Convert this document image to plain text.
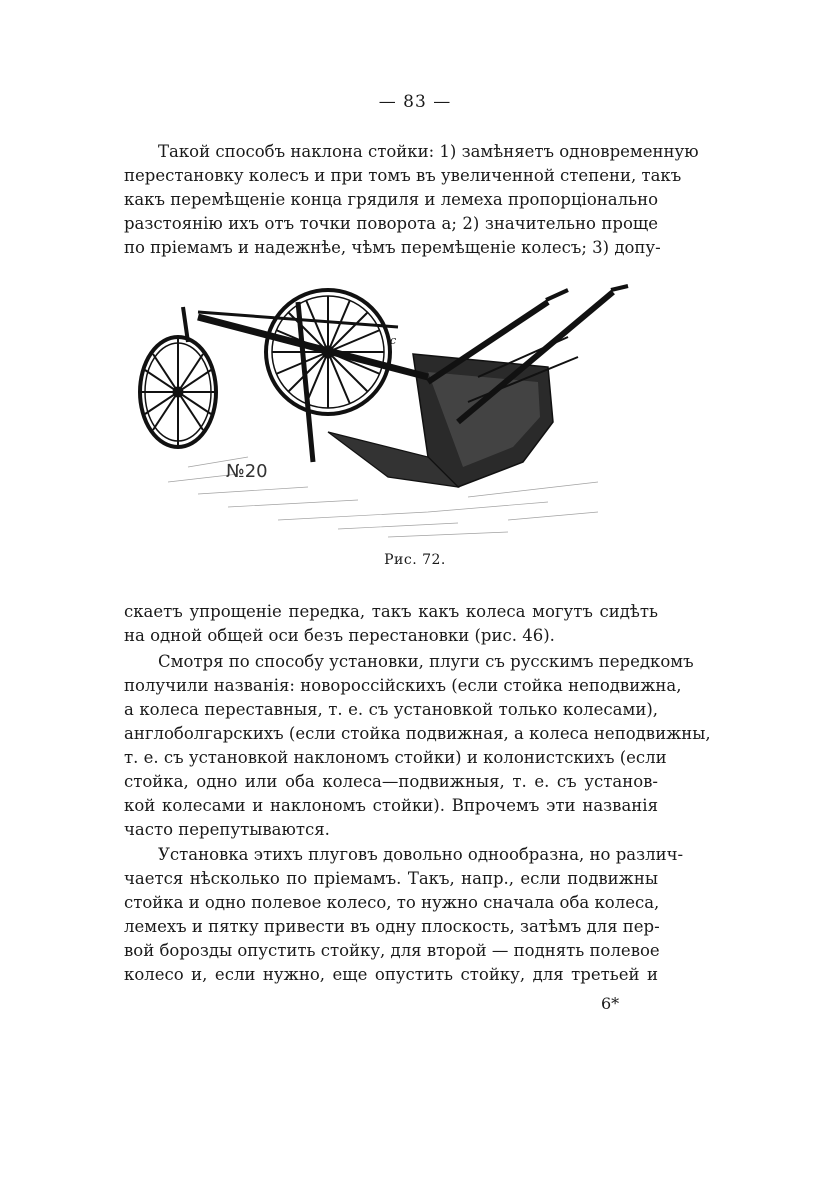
— 83 —
Такой способъ наклона стойки: 1) замѣняетъ одновременную
перестановку колесъ и при томъ въ увеличенной степени, такъ
какъ перемѣщеніе конца грядиля и лемеха пропорціонально
разстоянію ихъ отъ точки поворота a; 2) значительно проще
по пріемамъ и надежнѣе, чѣмъ перемѣщеніе колесъ; 3) допу-
№20
c
Рис. 72.
скаетъ упрощеніе передка, такъ какъ колеса могутъ сидѣть
на одной общей оси безъ перестановки (рис. 46).
Смотря по способу установки, плуги съ русскимъ передкомъ
получили названія: новороссійскихъ (если стойка неподвижна,
а колеса переставныя, т. е. съ установкой только колесами),
англоболгарскихъ (если стойка подвижная, а колеса неподвижны,
т. е. съ установкой наклономъ стойки) и колонистскихъ (если
стойка, одно или оба колеса—подвижныя, т. е. съ установ-
кой колесами и наклономъ стойки). Впрочемъ эти названія
часто перепутываются.
Установка этихъ плуговъ довольно однообразна, но различ-
чается нѣсколько по пріемамъ. Такъ, напр., если подвижны
стойка и одно полевое колесо, то нужно сначала оба колеса,
лемехъ и пятку привести въ одну плоскость, затѣмъ для пер-
вой борозды опустить стойку, для второй — поднять полевое
колесо и, если нужно, еще опустить стойку, для третьей и
6*
